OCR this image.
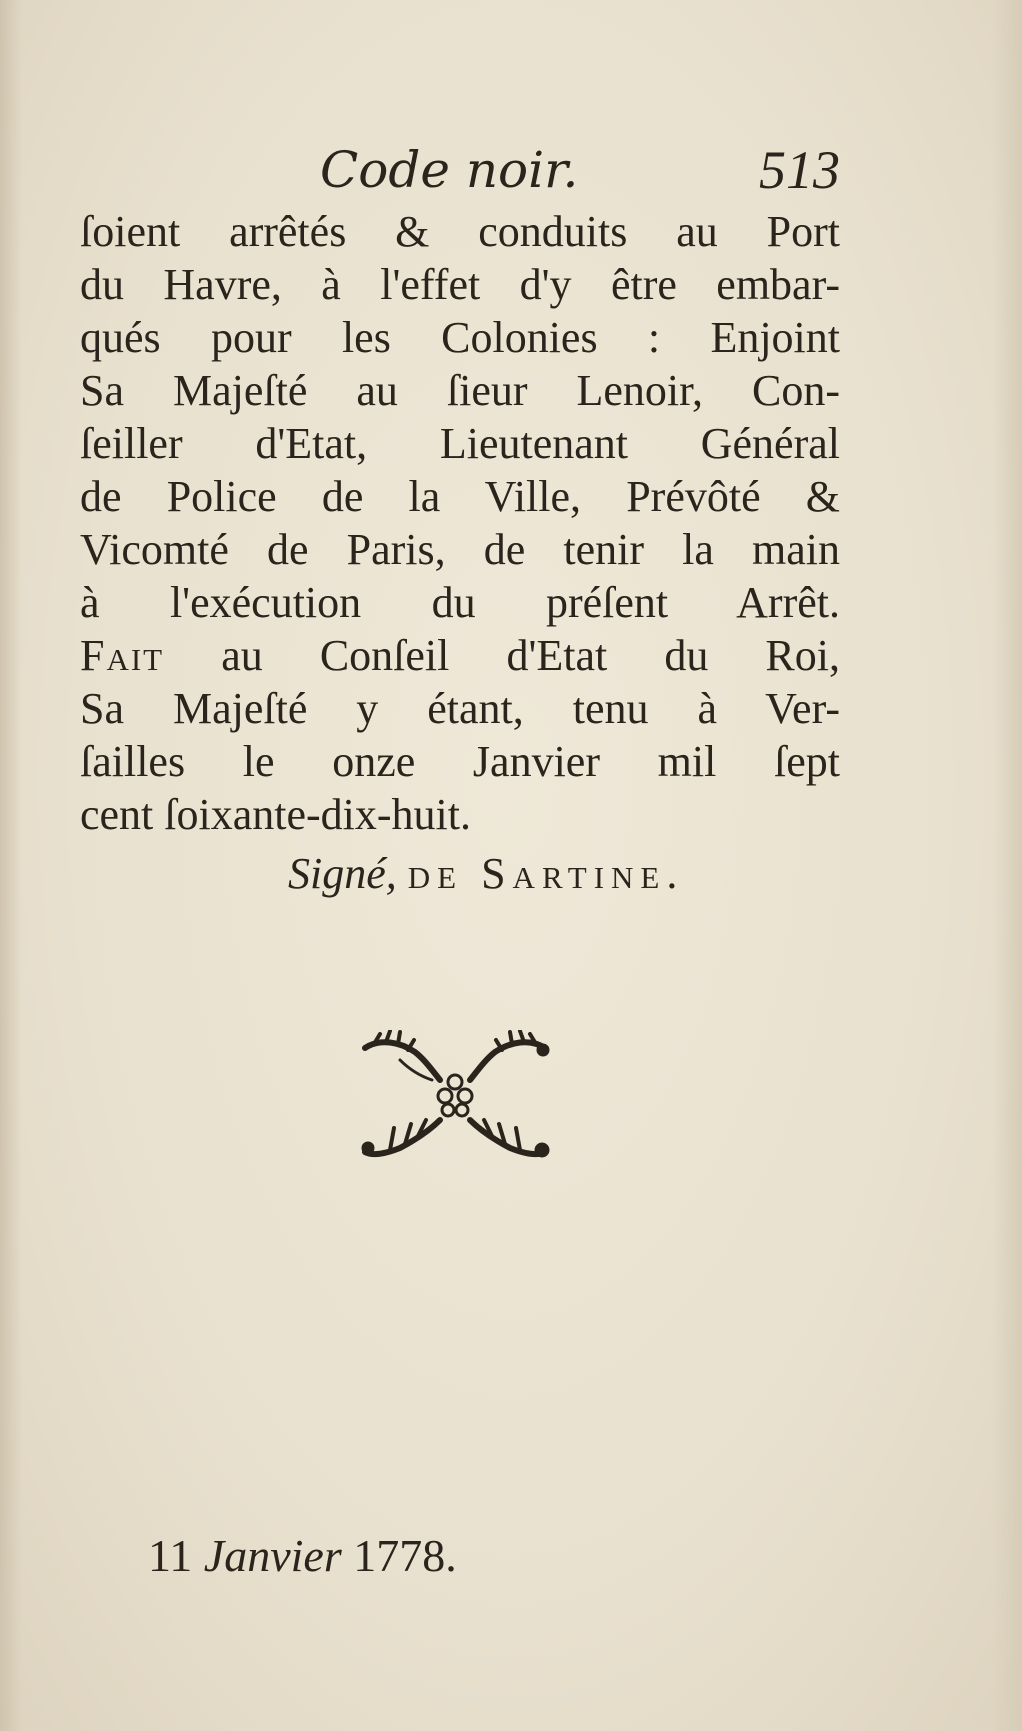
Code noir.	513
ſoient arrêtés & conduits au Port
du Havre, à l'effet d'y être embar-
qués pour les Colonies : Enjoint
Sa Majeſté au ſieur Lenoir, Con-
ſeiller d'Etat, Lieutenant Général
de Police de la Ville, Prévôté &
Vicomté de Paris, de tenir la main
à l'exécution du préſent Arrêt.
Fait au Conſeil d'Etat du Roi,
Sa Majeſté y étant, tenu à Ver-
ſailles le onze Janvier mil ſept
cent ſoixante-dix-huit.
Signé, de Sartine.
11 Janvier 1778.
